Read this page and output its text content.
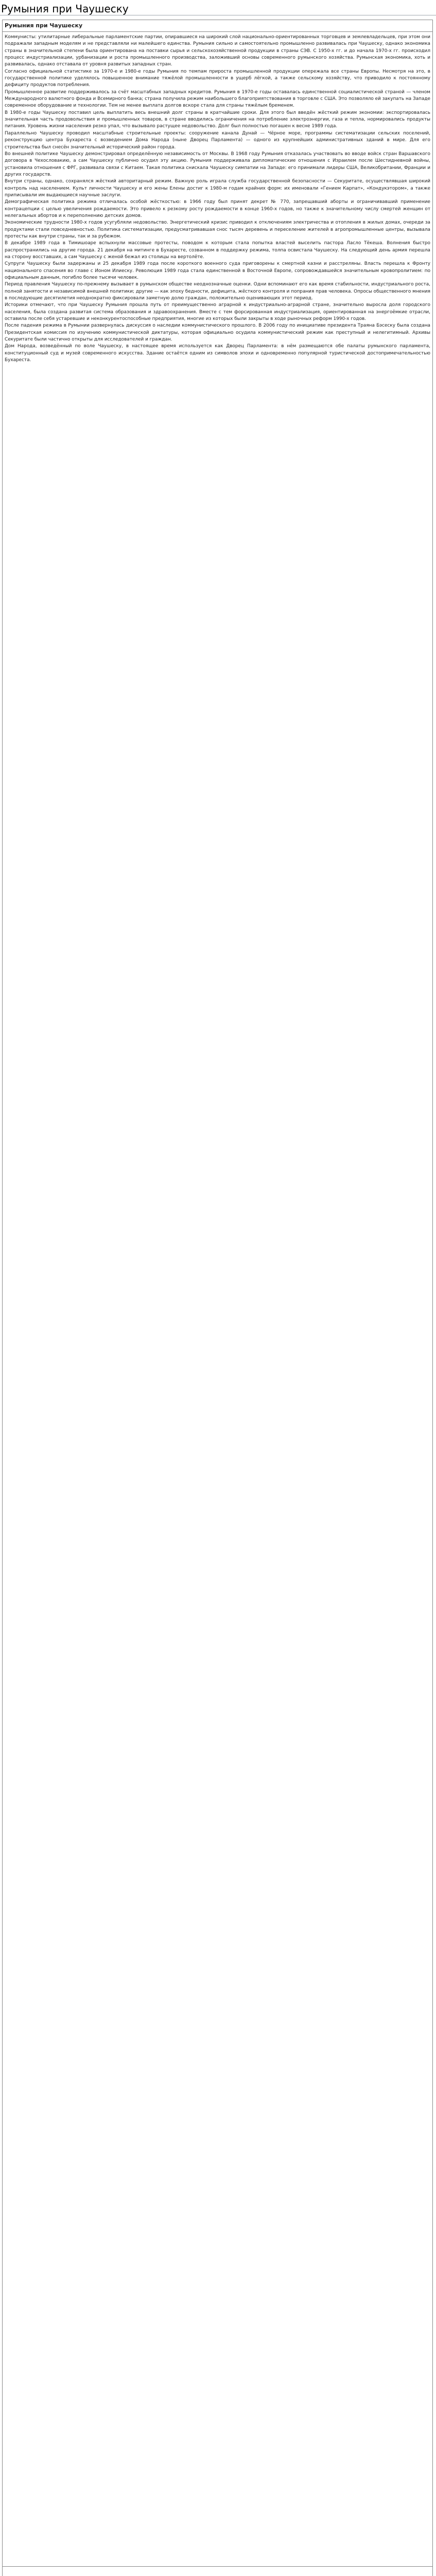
Румыния при Чаушеску
Румыния при Чаушеску

Коммунисты: утилитарные либеральные парламентские партии, опиравшиеся на широкий слой национально-ориентированных торговцев и землевладельцев, при этом они подражали западным моделям и не представляли ни малейшего единства. Румыния сильно и самостоятельно промышленно развивалась при Чаушеску, однако экономика страны в значительной степени была ориентирована на поставки сырья и сельскохозяйственной продукции в страны СЭВ. С 1950-х гг. и до начала 1970-х гг. происходил процесс индустриализации, урбанизации и роста промышленного производства, заложивший основы современного румынского хозяйства. Румынская экономика, хоть и развивалась, однако отставала от уровня развитых западных стран.

Согласно официальной статистике за 1970-е и 1980-е годы Румыния по темпам прироста промышленной продукции опережала все страны Европы. Несмотря на это, в государственной политике уделялось повышенное внимание тяжёлой промышленности в ущерб лёгкой, а также сельскому хозяйству, что приводило к постоянному дефициту продуктов потребления.

Промышленное развитие поддерживалось за счёт масштабных западных кредитов. Румыния в 1970-е годы оставалась единственной социалистической страной — членом Международного валютного фонда и Всемирного банка; страна получила режим наибольшего благоприятствования в торговле с США. Это позволяло ей закупать на Западе современное оборудование и технологии. Тем не менее выплата долгов вскоре стала для страны тяжёлым бременем.

В 1980-е годы Чаушеску поставил цель выплатить весь внешний долг страны в кратчайшие сроки. Для этого был введён жёсткий режим экономии: экспортировалась значительная часть продовольствия и промышленных товаров, в стране вводились ограничения на потребление электроэнергии, газа и тепла, нормировались продукты питания. Уровень жизни населения резко упал, что вызывало растущее недовольство. Долг был полностью погашен к весне 1989 года.

Параллельно Чаушеску проводил масштабные строительные проекты: сооружение канала Дунай — Чёрное море, программы систематизации сельских поселений, реконструкцию центра Бухареста с возведением Дома Народа (ныне Дворец Парламента) — одного из крупнейших административных зданий в мире. Для его строительства был снесён значительный исторический район города.

Во внешней политике Чаушеску демонстрировал определённую независимость от Москвы. В 1968 году Румыния отказалась участвовать во вводе войск стран Варшавского договора в Чехословакию, а сам Чаушеску публично осудил эту акцию. Румыния поддерживала дипломатические отношения с Израилем после Шестидневной войны, установила отношения с ФРГ, развивала связи с Китаем. Такая политика снискала Чаушеску симпатии на Западе: его принимали лидеры США, Великобритании, Франции и других государств.

Внутри страны, однако, сохранялся жёсткий авторитарный режим. Важную роль играла служба государственной безопасности — Секуритате, осуществлявшая широкий контроль над населением. Культ личности Чаушеску и его жены Елены достиг к 1980-м годам крайних форм: их именовали «Гением Карпат», «Кондукэтором», а также приписывали им выдающиеся научные заслуги.

Демографическая политика режима отличалась особой жёсткостью: в 1966 году был принят декрет № 770, запрещавший аборты и ограничивавший применение контрацепции с целью увеличения рождаемости. Это привело к резкому росту рождаемости в конце 1960-х годов, но также к значительному числу смертей женщин от нелегальных абортов и к переполнению детских домов.

Экономические трудности 1980-х годов усугубляли недовольство. Энергетический кризис приводил к отключениям электричества и отопления в жилых домах, очереди за продуктами стали повседневностью. Политика систематизации, предусматривавшая снос тысяч деревень и переселение жителей в агропромышленные центры, вызывала протесты как внутри страны, так и за рубежом.

В декабре 1989 года в Тимишоаре вспыхнули массовые протесты, поводом к которым стала попытка властей выселить пастора Ласло Тёкеша. Волнения быстро распространились на другие города. 21 декабря на митинге в Бухаресте, созванном в поддержку режима, толпа освистала Чаушеску. На следующий день армия перешла на сторону восставших, а сам Чаушеску с женой бежал из столицы на вертолёте.

Супруги Чаушеску были задержаны и 25 декабря 1989 года после короткого военного суда приговорены к смертной казни и расстреляны. Власть перешла к Фронту национального спасения во главе с Ионом Илиеску. Революция 1989 года стала единственной в Восточной Европе, сопровождавшейся значительным кровопролитием: по официальным данным, погибло более тысячи человек.

Период правления Чаушеску по-прежнему вызывает в румынском обществе неоднозначные оценки. Одни вспоминают его как время стабильности, индустриального роста, полной занятости и независимой внешней политики; другие — как эпоху бедности, дефицита, жёсткого контроля и попрания прав человека. Опросы общественного мнения в последующие десятилетия неоднократно фиксировали заметную долю граждан, положительно оценивающих этот период.

Историки отмечают, что при Чаушеску Румыния прошла путь от преимущественно аграрной к индустриально-аграрной стране, значительно выросла доля городского населения, была создана развитая система образования и здравоохранения. Вместе с тем форсированная индустриализация, ориентированная на энергоёмкие отрасли, оставила после себя устаревшие и неконкурентоспособные предприятия, многие из которых были закрыты в ходе рыночных реформ 1990-х годов.

После падения режима в Румынии развернулась дискуссия о наследии коммунистического прошлого. В 2006 году по инициативе президента Траяна Бэсеску была создана Президентская комиссия по изучению коммунистической диктатуры, которая официально осудила коммунистический режим как преступный и нелегитимный. Архивы Секуритате были частично открыты для исследователей и граждан.

Дом Народа, возведённый по воле Чаушеску, в настоящее время используется как Дворец Парламента: в нём размещаются обе палаты румынского парламента, конституционный суд и музей современного искусства. Здание остаётся одним из символов эпохи и одновременно популярной туристической достопримечательностью Бухареста.
